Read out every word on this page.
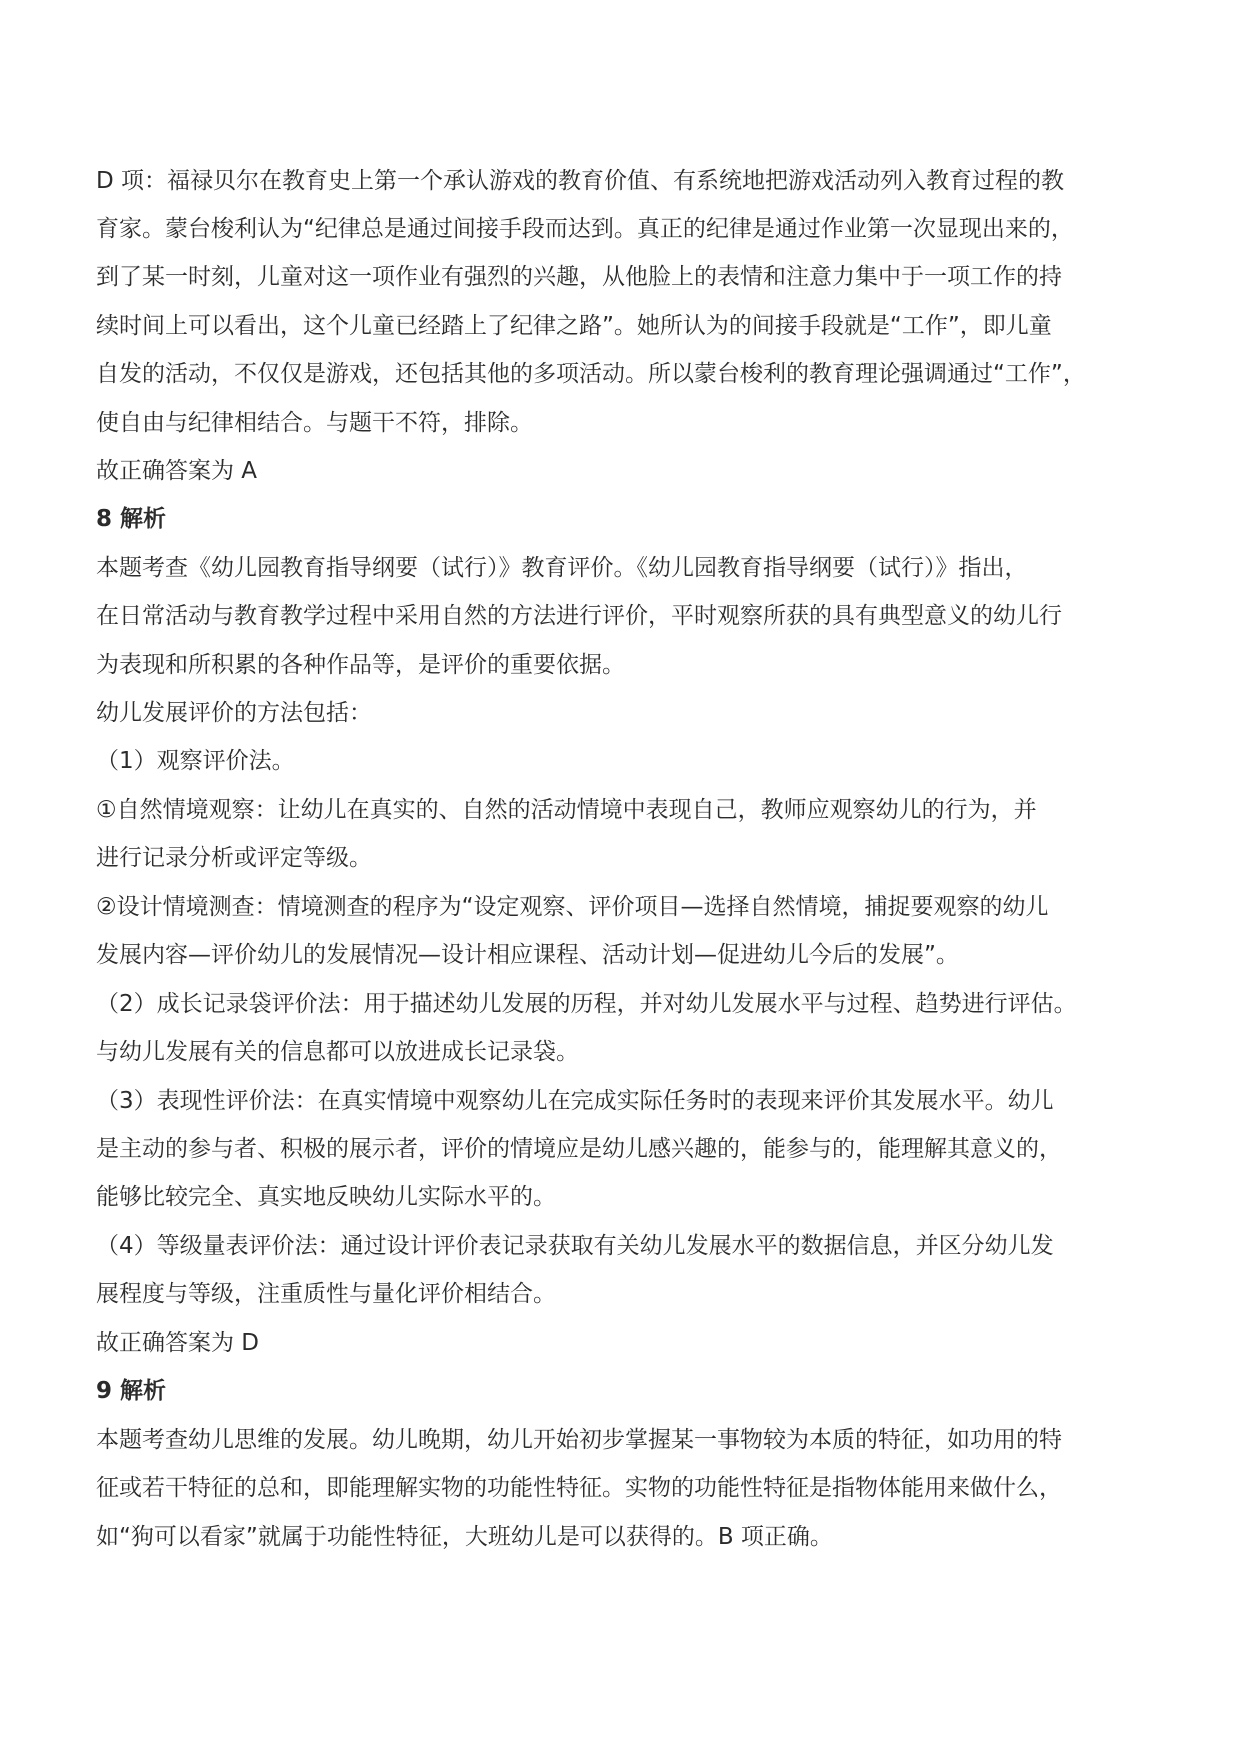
D 项：福禄贝尔在教育史上第一个承认游戏的教育价值、有系统地把游戏活动列入教育过程的教
育家。蒙台梭利认为“纪律总是通过间接手段而达到。真正的纪律是通过作业第一次显现出来的，
到了某一时刻，儿童对这一项作业有强烈的兴趣，从他脸上的表情和注意力集中于一项工作的持
续时间上可以看出，这个儿童已经踏上了纪律之路”。她所认为的间接手段就是“工作”，即儿童
自发的活动，不仅仅是游戏，还包括其他的多项活动。所以蒙台梭利的教育理论强调通过“工作”，
使自由与纪律相结合。与题干不符，排除。
故正确答案为 A
8 解析
本题考查《幼儿园教育指导纲要（试行）》教育评价。《幼儿园教育指导纲要（试行）》指出，
在日常活动与教育教学过程中采用自然的方法进行评价，平时观察所获的具有典型意义的幼儿行
为表现和所积累的各种作品等，是评价的重要依据。
幼儿发展评价的方法包括：
（1）观察评价法。
①自然情境观察：让幼儿在真实的、自然的活动情境中表现自己，教师应观察幼儿的行为，并
进行记录分析或评定等级。
②设计情境测查：情境测查的程序为“设定观察、评价项目—选择自然情境，捕捉要观察的幼儿
发展内容—评价幼儿的发展情况—设计相应课程、活动计划—促进幼儿今后的发展”。
（2）成长记录袋评价法：用于描述幼儿发展的历程，并对幼儿发展水平与过程、趋势进行评估。
与幼儿发展有关的信息都可以放进成长记录袋。
（3）表现性评价法：在真实情境中观察幼儿在完成实际任务时的表现来评价其发展水平。幼儿
是主动的参与者、积极的展示者，评价的情境应是幼儿感兴趣的，能参与的，能理解其意义的，
能够比较完全、真实地反映幼儿实际水平的。
（4）等级量表评价法：通过设计评价表记录获取有关幼儿发展水平的数据信息，并区分幼儿发
展程度与等级，注重质性与量化评价相结合。
故正确答案为 D
9 解析
本题考查幼儿思维的发展。幼儿晚期，幼儿开始初步掌握某一事物较为本质的特征，如功用的特
征或若干特征的总和，即能理解实物的功能性特征。实物的功能性特征是指物体能用来做什么，
如“狗可以看家”就属于功能性特征，大班幼儿是可以获得的。B 项正确。
